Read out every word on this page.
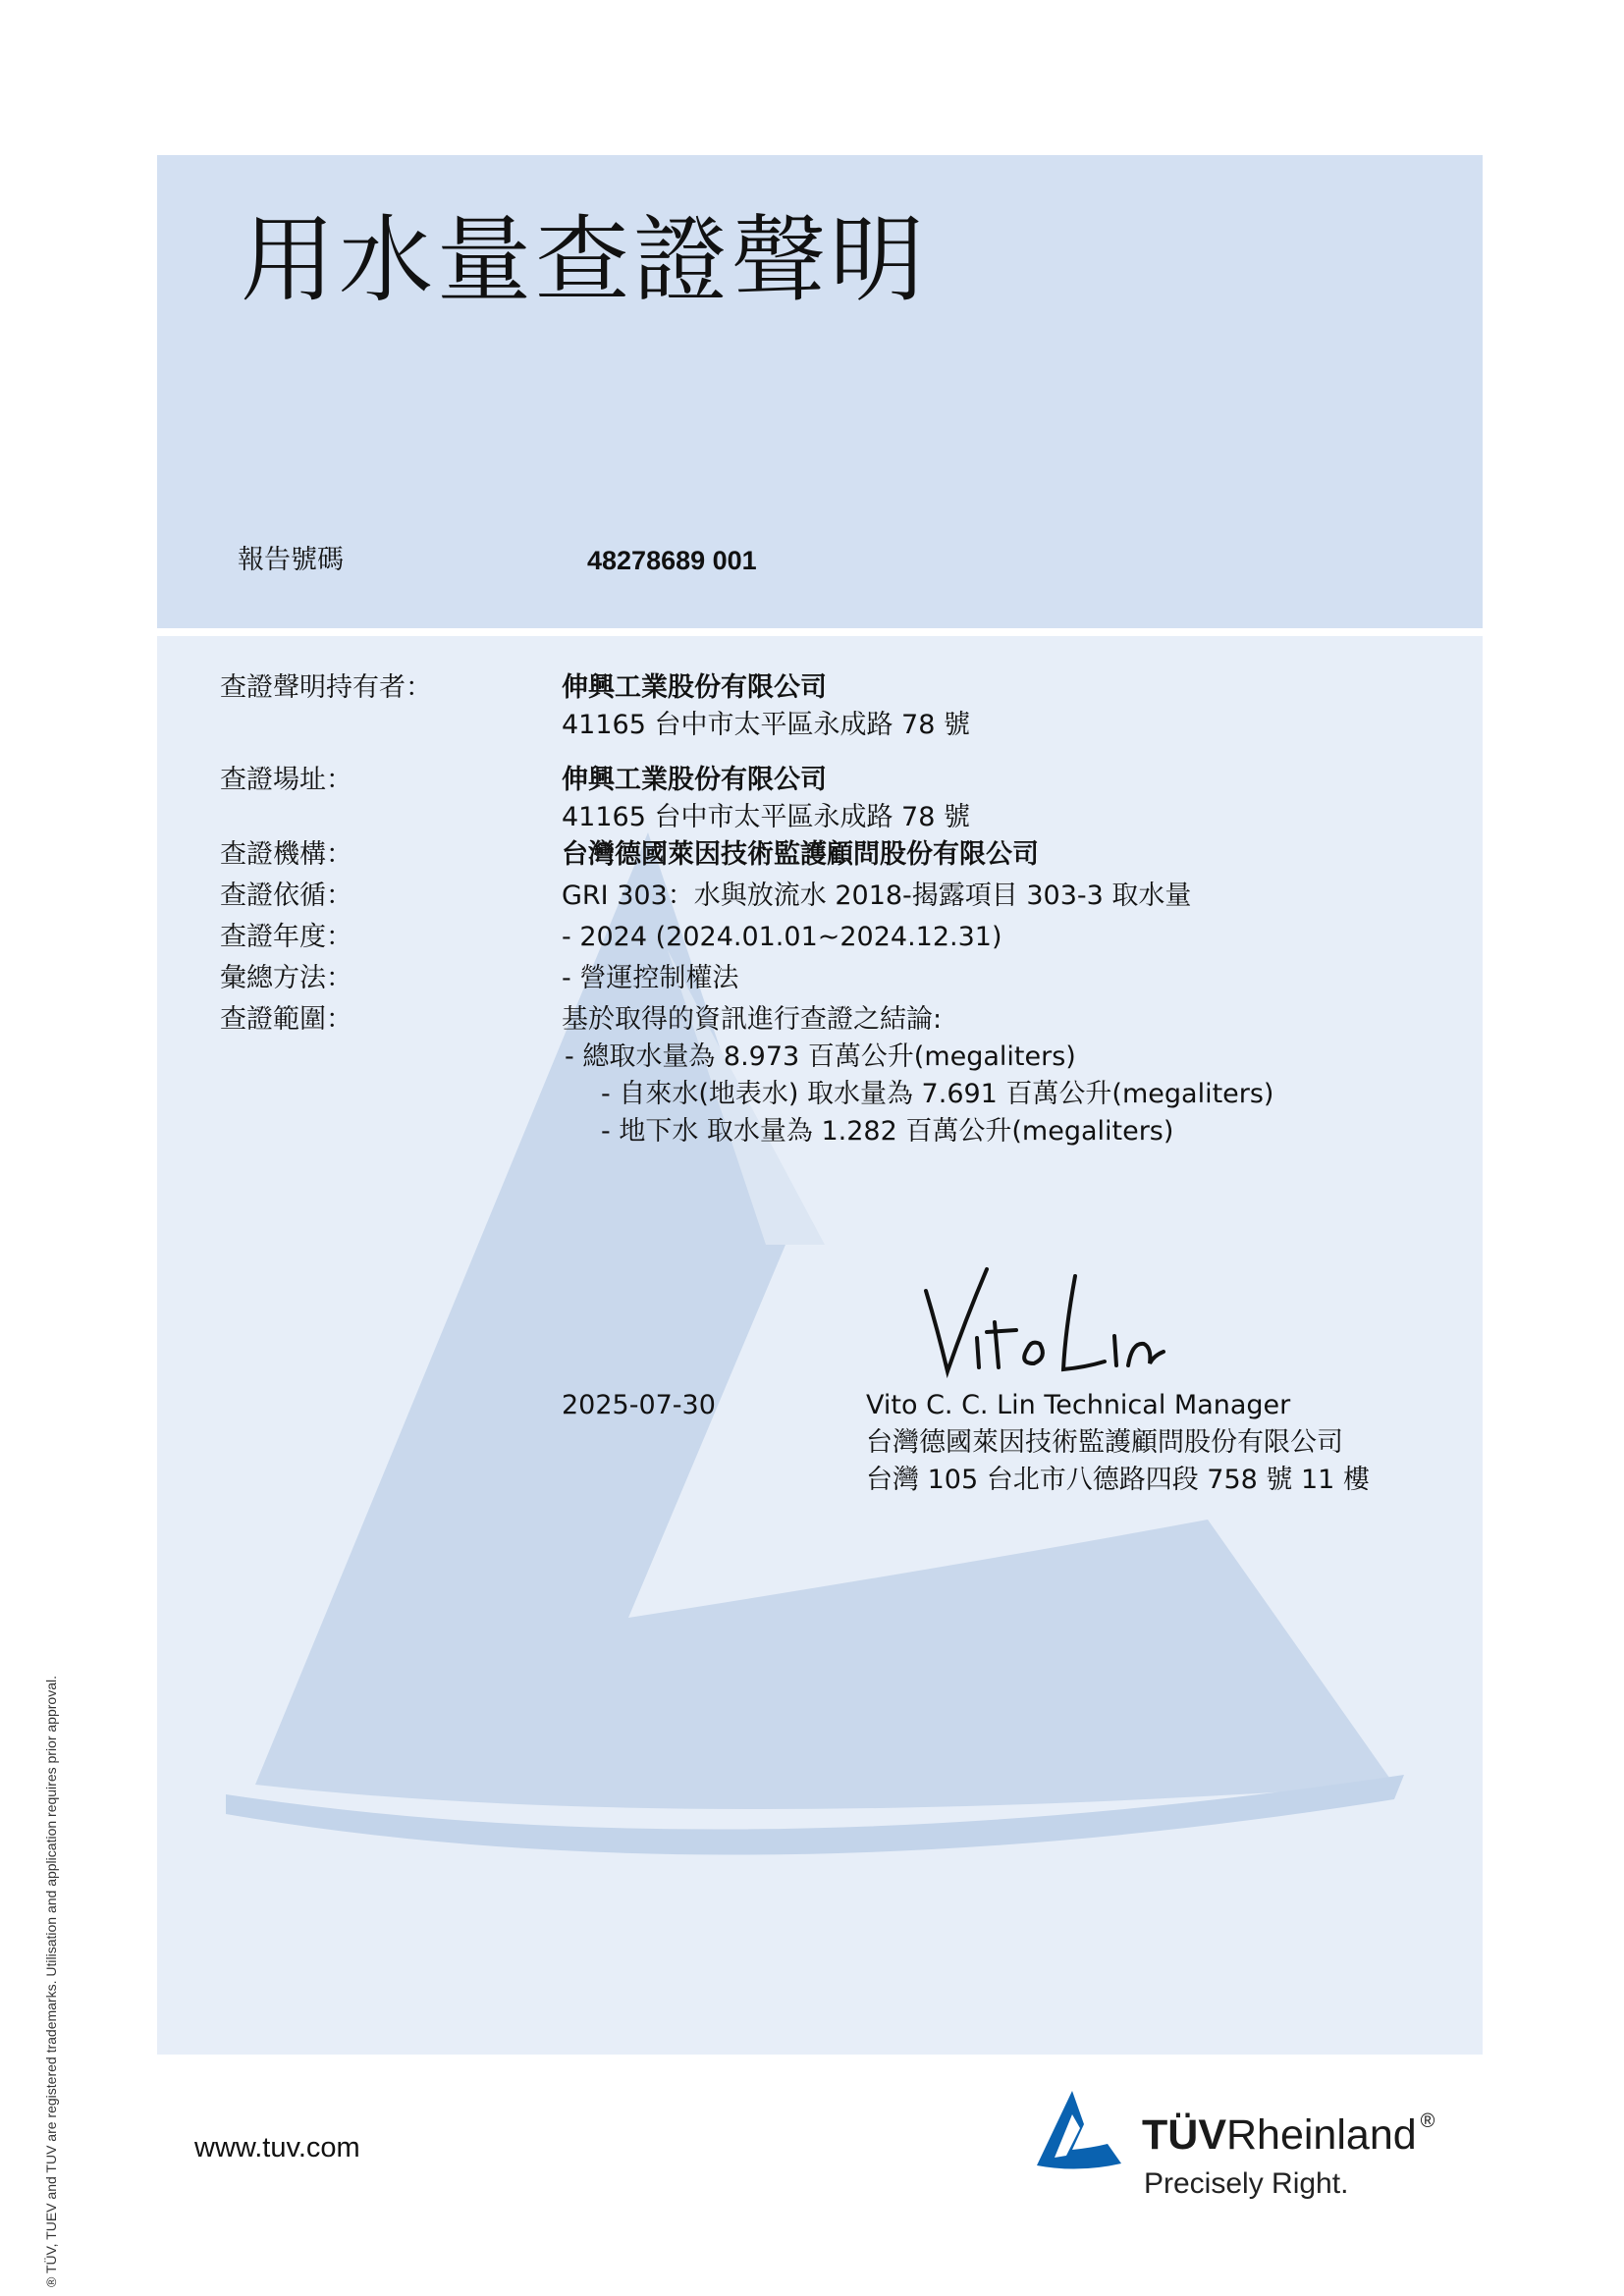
用水量查證聲明
報告號碼	48278689 001
查證聲明持有者：	伸興工業股份有限公司
41165 台中市太平區永成路 78 號
查證場址：	伸興工業股份有限公司
41165 台中市太平區永成路 78 號
查證機構：	台灣德國萊因技術監護顧問股份有限公司
查證依循：	GRI 303：水與放流水 2018-揭露項目 303-3 取水量
查證年度：	- 2024 (2024.01.01~2024.12.31)
彙總方法：	- 營運控制權法
查證範圍：	基於取得的資訊進行查證之結論:
- 總取水量為 8.973 百萬公升(megaliters)
- 自來水(地表水) 取水量為 7.691 百萬公升(megaliters)
- 地下水 取水量為 1.282 百萬公升(megaliters)
2025-07-30	Vito C. C. Lin Technical Manager
台灣德國萊因技術監護顧問股份有限公司
台灣 105 台北市八德路四段 758 號 11 樓
www.tuv.com	TÜVRheinland ®
Precisely Right.
® TÜV, TUEV and TUV are registered trademarks. Utilisation and application requires prior approval.
